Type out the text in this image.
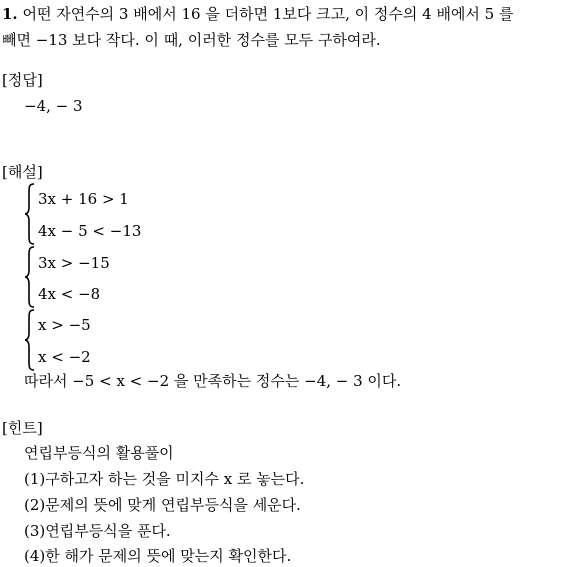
1. 어떤 자연수의 3 배에서 16 을 더하면 1보다 크고, 이 정수의 4 배에서 5 를
빼면 −13 보다 작다. 이 때, 이러한 정수를 모두 구하여라.
[정답]
−4, − 3
[해설]
3x + 16 > 1
4x − 5 < −13
3x > −15
4x < −8
x > −5
x < −2
따라서 −5 < x < −2 을 만족하는 정수는 −4, − 3 이다.
[힌트]
연립부등식의 활용풀이
(1)구하고자 하는 것을 미지수 x 로 놓는다.
(2)문제의 뜻에 맞게 연립부등식을 세운다.
(3)연립부등식을 푼다.
(4)한 해가 문제의 뜻에 맞는지 확인한다.
